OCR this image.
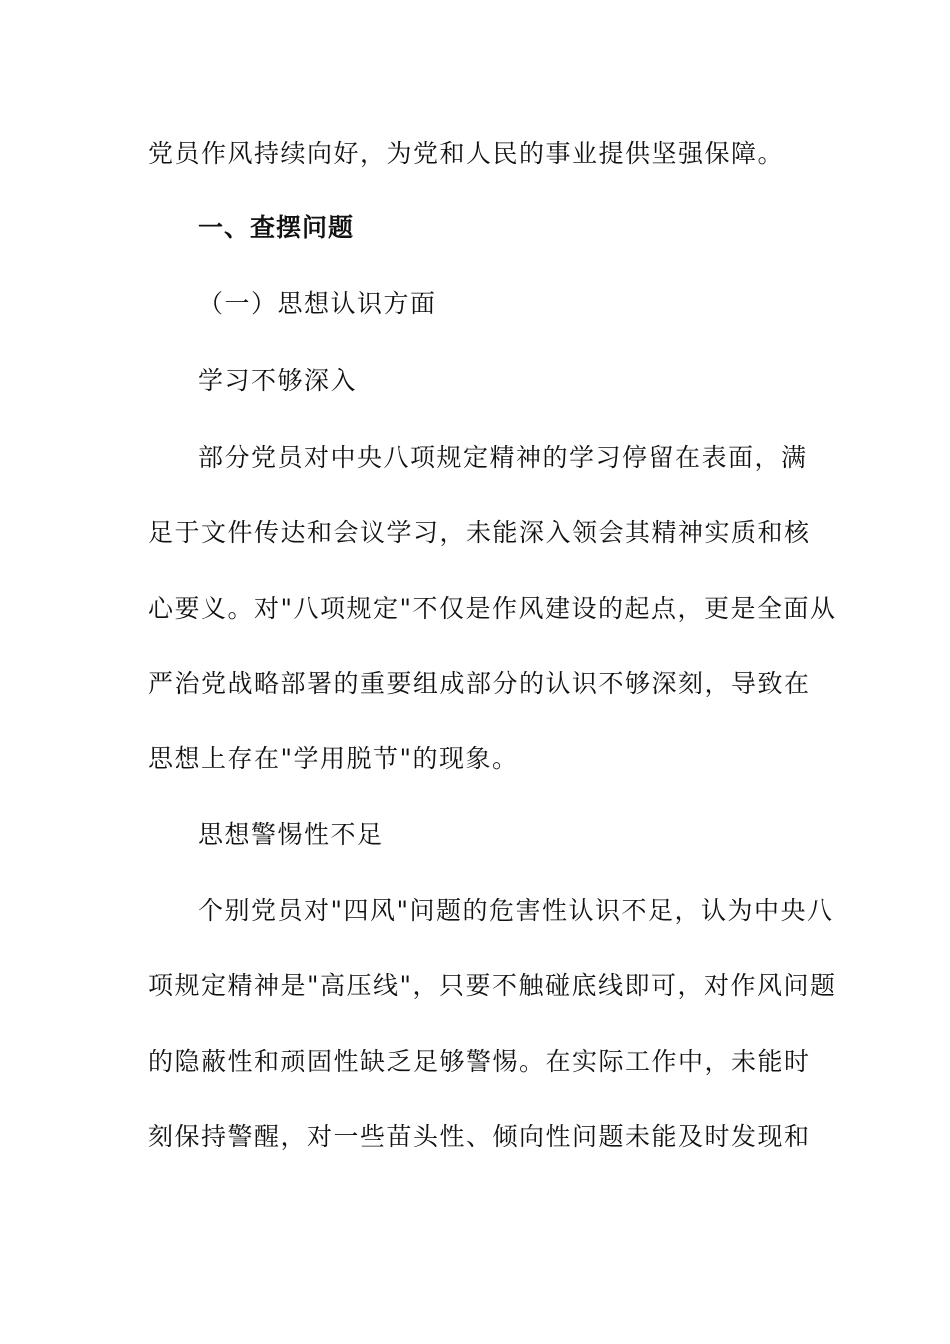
党员作风持续向好，为党和人民的事业提供坚强保障。
一、查摆问题
（一）思想认识方面
学习不够深入
部分党员对中央八项规定精神的学习停留在表面，满
足于文件传达和会议学习，未能深入领会其精神实质和核
心要义。对"八项规定"不仅是作风建设的起点，更是全面从
严治党战略部署的重要组成部分的认识不够深刻，导致在
思想上存在"学用脱节"的现象。
思想警惕性不足
个别党员对"四风"问题的危害性认识不足，认为中央八
项规定精神是"高压线"，只要不触碰底线即可，对作风问题
的隐蔽性和顽固性缺乏足够警惕。在实际工作中，未能时
刻保持警醒，对一些苗头性、倾向性问题未能及时发现和
